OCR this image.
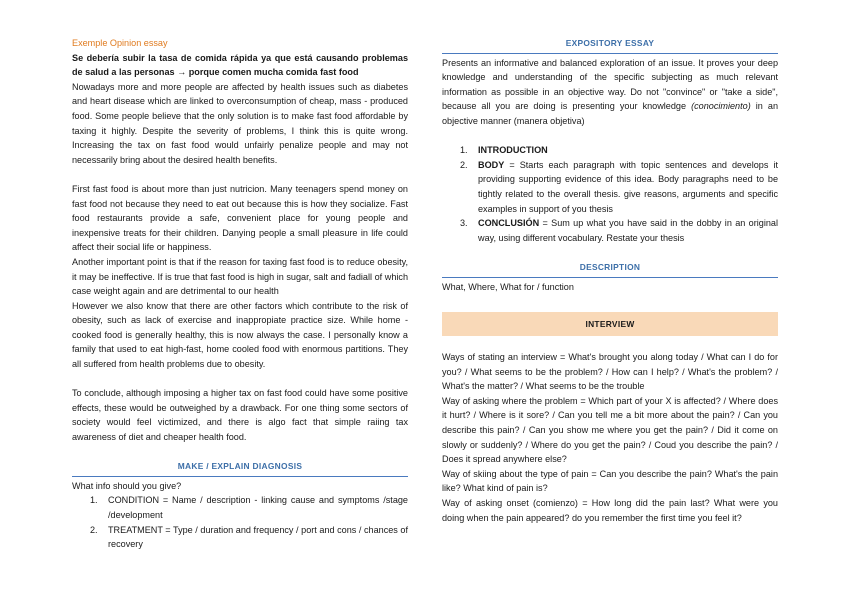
Exemple Opinion essay

Se debería subir la tasa de comida rápida ya que está causando problemas de salud a las personas → porque comen mucha comida fast food

Nowadays more and more people are affected by health issues such as diabetes and heart disease which are linked to overconsumption of cheap, mass - produced food. Some people believe that the only solution is to make fast food affordable by taxing it highly. Despite the severity of problems, I think this is quite wrong. Increasing the tax on fast food would unfairly penalize people and may not necessarily bring about the desired health benefits.

First fast food is about more than just nutricion. Many teenagers spend money on fast food not because they need to eat out because this is how they socialize. Fast food restaurants provide a safe, convenient place for young people and inexpensive treats for their children. Danying people a small pleasure in life could affect their social life or happiness.

Another important point is that if the reason for taxing fast food is to reduce obesity, it may be ineffective. If is true that fast food is high in sugar, salt and fadiall of which case weight again and are detrimental to our health

However we also know that there are other factors which contribute to the risk of obesity, such as lack of exercise and inappropiate practice size. While home - cooked food is generally healthy, this is now always the case. I personally know a family that used to eat high-fast, home cooled food with enormous partitions. They all suffered from health problems due to obesity.

To conclude, although imposing a higher tax on fast food could have some positive effects, these would be outweighed by a drawback. For one thing some sectors of society would feel victimized, and there is algo fact that simple raiing tax awareness of diet and cheaper health food.

MAKE / EXPLAIN DIAGNOSIS

What info should you give?

1. CONDITION = Name / description - linking cause and symptoms /stage /development
2. TREATMENT = Type / duration and frequency / port and cons / chances of recovery
EXPOSITORY ESSAY

Presents an informative and balanced exploration of an issue. It proves your deep knowledge and understanding of the specific subjecting as much relevant information as possible in an objective way. Do not "convince" or "take a side", because all you are doing is presenting your knowledge (conocimiento) in an objective manner (manera objetiva)

1. INTRODUCTION
2. BODY = Starts each paragraph with topic sentences and develops it providing supporting evidence of this idea. Body paragraphs need to be tightly related to the overall thesis. give reasons, arguments and specific examples in support of you thesis
3. CONCLUSIÓN = Sum up what you have said in the dobby in an original way, using different vocabulary. Restate your thesis
DESCRIPTION

What, Where, What for / function

INTERVIEW

Ways of stating an interview = What's brought you along today / What can I do for you? / What seems to be the problem? / How can I help? / What's the problem? / What's the matter? / What seems to be the trouble

Way of asking where the problem = Which part of your X is affected? / Where does it hurt? / Where is it sore? / Can you tell me a bit more about the pain? / Can you describe this pain? / Can you show me where you get the pain? / Did it come on slowly or suddenly? / Where do you get the pain? / Coud you describe the pain? / Does it spread anywhere else?

Way of skiing about the type of pain = Can you describe the pain? What's the pain like? What kind of pain is?

Way of asking onset (comienzo) = How long did the pain last? What were you doing when the pain appeared? do you remember the first time you feel it?
